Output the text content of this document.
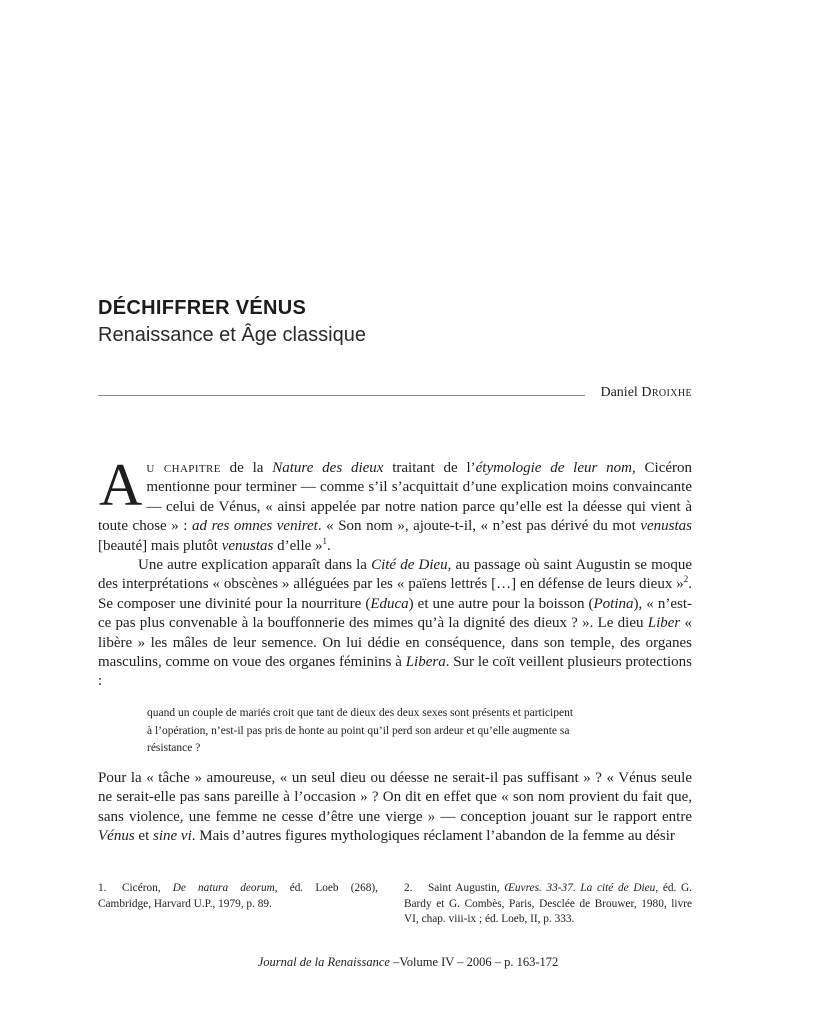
DÉCHIFFRER VÉNUS
Renaissance et Âge classique
Daniel Droixhe
Au chapitre de la Nature des dieux traitant de l’étymologie de leur nom, Cicéron mentionne pour terminer — comme s’il s’acquittait d’une explication moins convaincante — celui de Vénus, « ainsi appelée par notre nation parce qu’elle est la déesse qui vient à toute chose » : ad res omnes veniret. « Son nom », ajoute-t-il, « n’est pas dérivé du mot venustas [beauté] mais plutôt venustas d’elle »$^1$.
Une autre explication apparaît dans la Cité de Dieu, au passage où saint Augustin se moque des interprétations « obscènes » alléguées par les « païens lettrés […] en défense de leurs dieux »$^2$. Se composer une divinité pour la nourriture (Educa) et une autre pour la boisson (Potina), « n’est-ce pas plus convenable à la bouffonnerie des mimes qu’à la dignité des dieux ? ». Le dieu Liber « libère » les mâles de leur semence. On lui dédie en conséquence, dans son temple, des organes masculins, comme on voue des organes féminins à Libera. Sur le coït veillent plusieurs protections :
quand un couple de mariés croit que tant de dieux des deux sexes sont présents et participent
à l’opération, n’est-il pas pris de honte au point qu’il perd son ardeur et qu’elle augmente sa
résistance ?
Pour la « tâche » amoureuse, « un seul dieu ou déesse ne serait-il pas suffisant » ? « Vénus seule ne serait-elle pas sans pareille à l’occasion » ? On dit en effet que « son nom provient du fait que, sans violence, une femme ne cesse d’être une vierge » — conception jouant sur le rapport entre Vénus et sine vi. Mais d’autres figures mythologiques réclament l’abandon de la femme au désir
1. Cicéron, De natura deorum, éd. Loeb (268), Cambridge, Harvard U.P., 1979, p. 89.
2. Saint Augustin, Œuvres. 33-37. La cité de Dieu, éd. G. Bardy et G. Combès, Paris, Desclée de Brouwer, 1980, livre VI, chap. viii-ix ; éd. Loeb, II, p. 333.
Journal de la Renaissance –Volume IV – 2006 – p. 163-172
